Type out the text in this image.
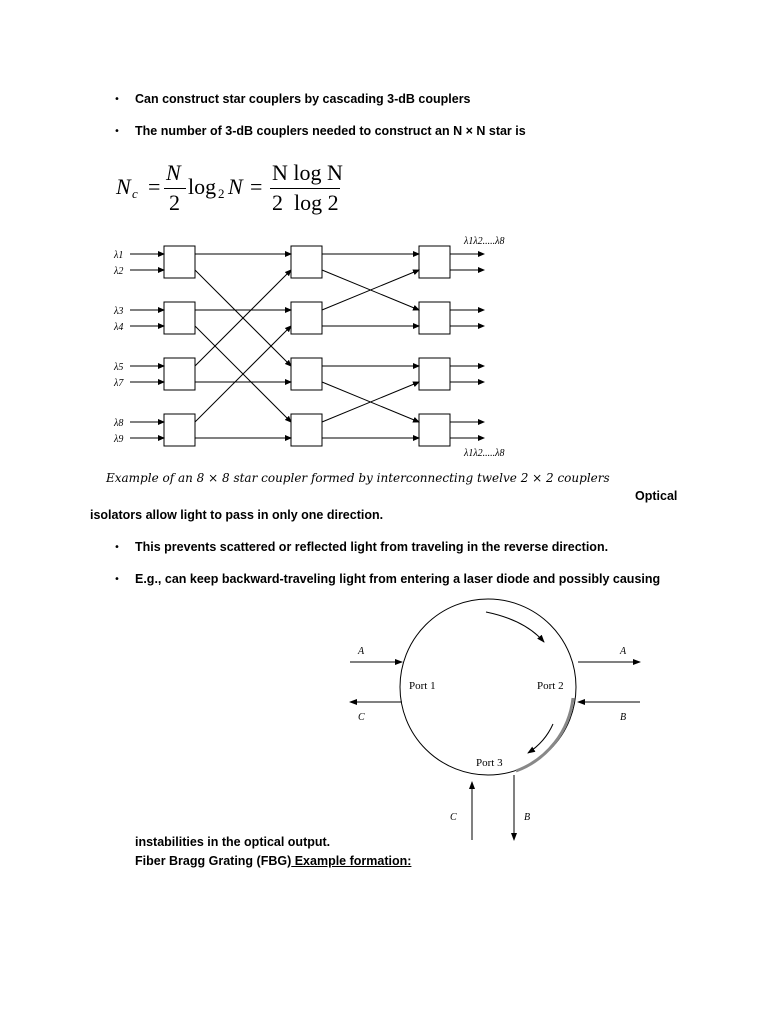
• Can construct star couplers by cascading 3-dB couplers
• The number of 3-dB couplers needed to construct an N × N star is
N c =
N
2
log 2 N =
N log N
2  log 2
λ1
λ2
λ3
λ4
λ5
λ7
λ8
λ9
λ1λ2.....λ8
λ1λ2.....λ8
Example of an 8 × 8 star coupler formed by interconnecting twelve 2 × 2 couplers
Optical
isolators allow light to pass in only one direction.
• This prevents scattered or reflected light from traveling in the reverse direction.
• E.g., can keep backward-traveling light from entering a laser diode and possibly causing
Port 1	Port 2
Port 3
A
C
A
B
C	B
instabilities in the optical output.
Fiber Bragg Grating (FBG) Example formation:
